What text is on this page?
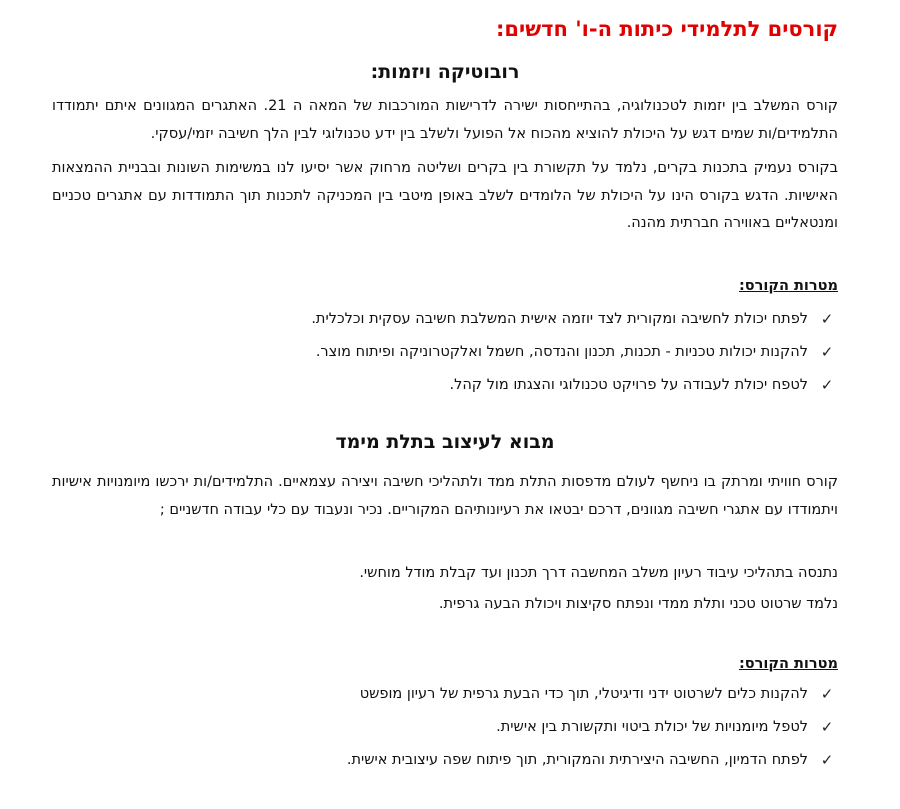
קורסים לתלמידי כיתות ה-ו' חדשים:
רובוטיקה ויזמות:
קורס המשלב בין יזמות לטכנולוגיה, בהתייחסות ישירה לדרישות המורכבות של המאה ה 21. האתגרים המגוונים איתם יתמודדו התלמידים/ות שמים דגש על היכולת להוציא מהכוח אל הפועל ולשלב בין ידע טכנולוגי לבין הלך חשיבה יזמי/עסקי.
בקורס נעמיק בתכנות בקרים, נלמד על תקשורת בין בקרים ושליטה מרחוק אשר יסיעו לנו במשימות השונות ובבניית ההמצאות האישיות. הדגש בקורס הינו על היכולת של הלומדים לשלב באופן מיטבי בין המכניקה לתכנות תוך התמודדות עם אתגרים טכניים ומנטאליים באווירה חברתית מהנה.
מטרות הקורס:
✓
לפתח יכולת לחשיבה ומקורית לצד יוזמה אישית המשלבת חשיבה עסקית וכלכלית.
✓
להקנות יכולות טכניות - תכנות, תכנון והנדסה, חשמל ואלקטרוניקה ופיתוח מוצר.
✓
לטפח יכולת לעבודה על פרויקט טכנולוגי והצגתו מול קהל.
מבוא לעיצוב בתלת מימד
קורס חוויתי ומרתק בו ניחשף לעולם מדפסות התלת ממד ולתהליכי חשיבה ויצירה עצמאיים. התלמידים/ות ירכשו מיומנויות אישיות ויתמודדו עם אתגרי חשיבה מגוונים, דרכם יבטאו את רעיונותיהם המקוריים. נכיר ונעבוד עם כלי עבודה חדשניים ;
נתנסה בתהליכי עיבוד רעיון משלב המחשבה דרך תכנון ועד קבלת מודל מוחשי.
נלמד שרטוט טכני ותלת ממדי ונפתח סקיצות ויכולת הבעה גרפית.
מטרות הקורס:
✓
להקנות כלים לשרטוט ידני ודיגיטלי, תוך כדי הבעת גרפית של רעיון מופשט
✓
לטפל מיומנויות של יכולת ביטוי ותקשורת בין אישית.
✓
לפתח הדמיון, החשיבה היצירתית והמקורית, תוך פיתוח שפה עיצובית אישית.
